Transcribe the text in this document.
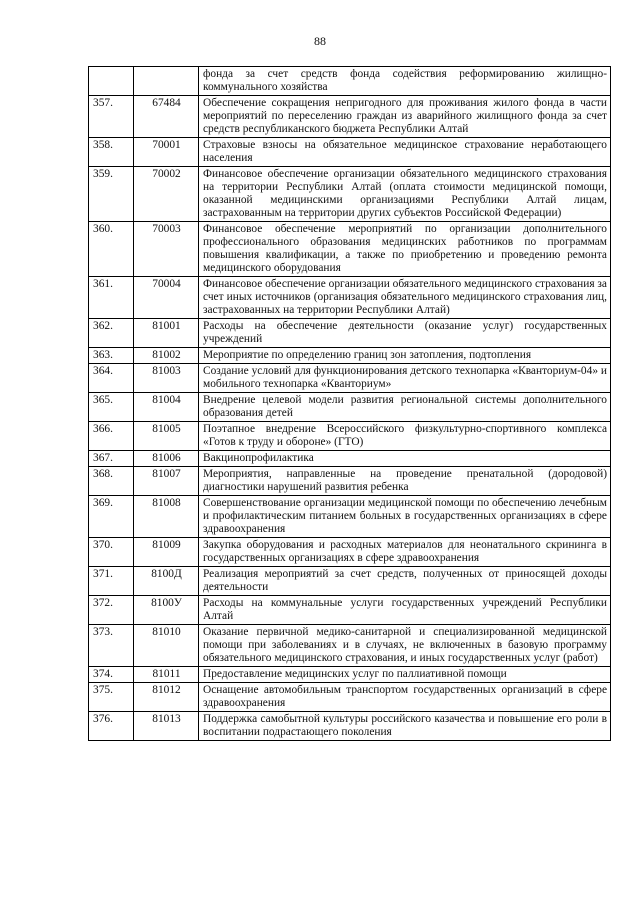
88
		фонда за счет средств фонда содействия реформированию жилищно-коммунального хозяйства
357.	67484	Обеспечение сокращения непригодного для проживания жилого фонда в части мероприятий по переселению граждан из аварийного жилищного фонда за счет средств республиканского бюджета Республики Алтай
358.	70001	Страховые взносы на обязательное медицинское страхование неработающего населения
359.	70002	Финансовое обеспечение организации обязательного медицинского страхования на территории Республики Алтай (оплата стоимости медицинской помощи, оказанной медицинскими организациями Республики Алтай лицам, застрахованным на территории других субъектов Российской Федерации)
360.	70003	Финансовое обеспечение мероприятий по организации дополнительного профессионального образования медицинских работников по программам повышения квалификации, а также по приобретению и проведению ремонта медицинского оборудования
361.	70004	Финансовое обеспечение организации обязательного медицинского страхования за счет иных источников (организация обязательного медицинского страхования лиц, застрахованных на территории Республики Алтай)
362.	81001	Расходы на обеспечение деятельности (оказание услуг) государственных учреждений
363.	81002	Мероприятие по определению границ зон затопления, подтопления
364.	81003	Создание условий для функционирования детского технопарка «Кванториум-04» и мобильного технопарка «Кванториум»
365.	81004	Внедрение целевой модели развития региональной системы дополнительного образования детей
366.	81005	Поэтапное внедрение Всероссийского физкультурно-спортивного комплекса «Готов к труду и обороне» (ГТО)
367.	81006	Вакцинопрофилактика
368.	81007	Мероприятия, направленные на проведение пренатальной (дородовой) диагностики нарушений развития ребенка
369.	81008	Совершенствование организации медицинской помощи по обеспечению лечебным и профилактическим питанием больных в государственных организациях в сфере здравоохранения
370.	81009	Закупка оборудования и расходных материалов для неонатального скрининга в государственных организациях в сфере здравоохранения
371.	8100Д	Реализация мероприятий за счет средств, полученных от приносящей доходы деятельности
372.	8100У	Расходы на коммунальные услуги государственных учреждений Республики Алтай
373.	81010	Оказание первичной медико-санитарной и специализированной медицинской помощи при заболеваниях и в случаях, не включенных в базовую программу обязательного медицинского страхования, и иных государственных услуг (работ)
374.	81011	Предоставление медицинских услуг по паллиативной помощи
375.	81012	Оснащение автомобильным транспортом государственных организаций в сфере здравоохранения
376.	81013	Поддержка самобытной культуры российского казачества и повышение его роли в воспитании подрастающего поколения
